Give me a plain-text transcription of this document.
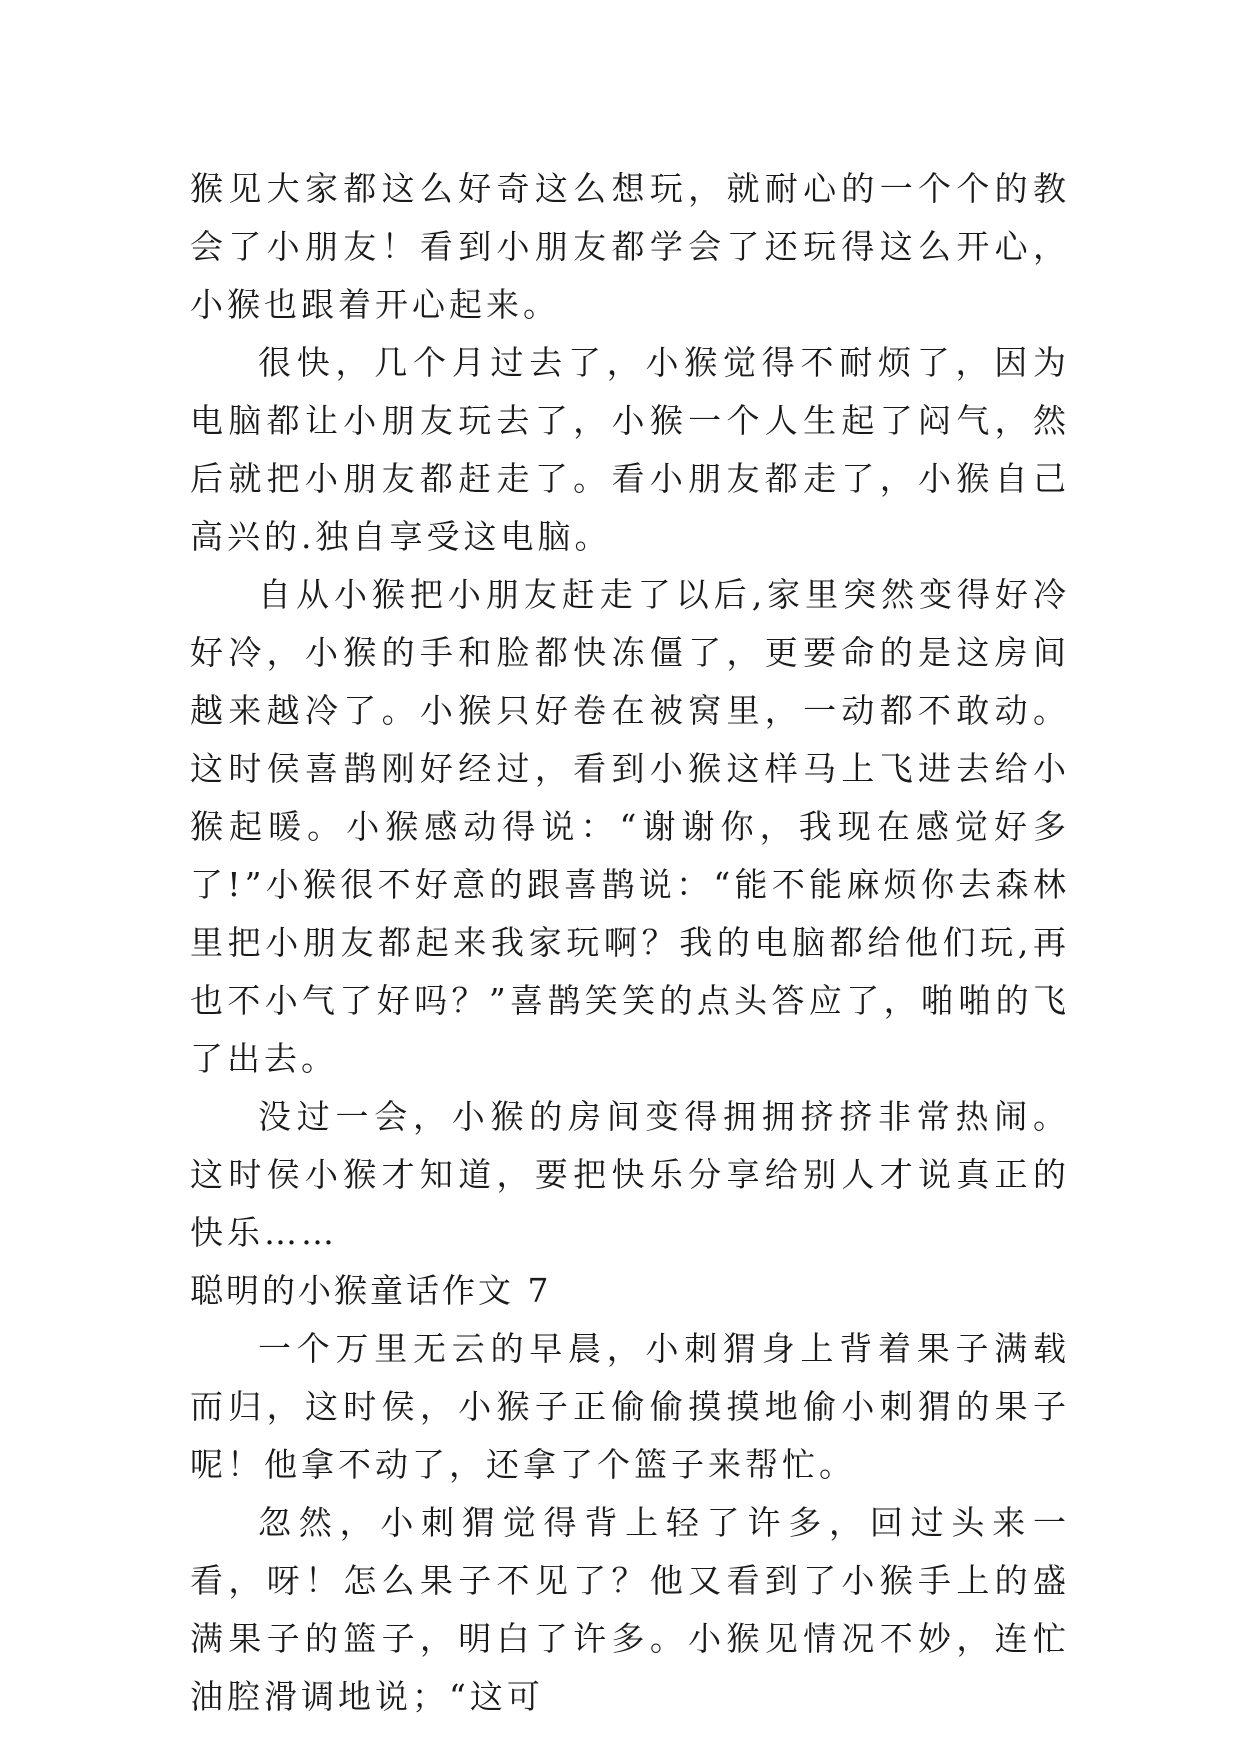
猴见大家都这么好奇这么想玩，就耐心的一个个的教会了小朋友！看到小朋友都学会了还玩得这么开心，小猴也跟着开心起来。

很快，几个月过去了，小猴觉得不耐烦了，因为电脑都让小朋友玩去了，小猴一个人生起了闷气，然后就把小朋友都赶走了。看小朋友都走了，小猴自己高兴的.独自享受这电脑。

自从小猴把小朋友赶走了以后,家里突然变得好冷好冷，小猴的手和脸都快冻僵了，更要命的是这房间越来越冷了。小猴只好卷在被窝里，一动都不敢动。这时侯喜鹊刚好经过，看到小猴这样马上飞进去给小猴起暖。小猴感动得说：“谢谢你，我现在感觉好多了!”小猴很不好意的跟喜鹊说：“能不能麻烦你去森林里把小朋友都起来我家玩啊？我的电脑都给他们玩,再也不小气了好吗？”喜鹊笑笑的点头答应了，啪啪的飞了出去。

没过一会，小猴的房间变得拥拥挤挤非常热闹。这时侯小猴才知道，要把快乐分享给别人才说真正的快乐……

聪明的小猴童话作文 7

一个万里无云的早晨，小刺猬身上背着果子满载而归，这时侯，小猴子正偷偷摸摸地偷小刺猬的果子呢！他拿不动了，还拿了个篮子来帮忙。

忽然，小刺猬觉得背上轻了许多，回过头来一看，呀！怎么果子不见了？他又看到了小猴手上的盛满果子的篮子，明白了许多。小猴见情况不妙，连忙油腔滑调地说；“这可
